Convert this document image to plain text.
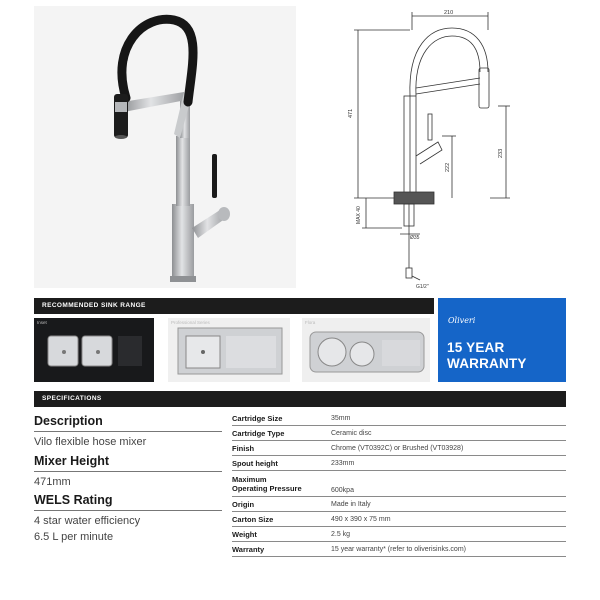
210
471
MAX 40
233
222
Ø35
G1/2"
RECOMMENDED SINK RANGE
Inset	Professional Series	Flora	Oliveri
15 YEAR
WARRANTY
SPECIFICATIONS
Description
Vilo flexible hose mixer
Mixer Height
471mm
WELS Rating
4 star water efficiency
6.5 L per minute
Cartridge Size	35mm
Cartridge Type	Ceramic disc
Finish	Chrome (VT0392C) or Brushed (VT03928)
Spout height	233mm
Maximum
Operating Pressure	600kpa
Origin	Made in Italy
Carton Size	490 x 390 x 75 mm
Weight	2.5 kg
Warranty	15 year warranty* (refer to oliverisinks.com)
